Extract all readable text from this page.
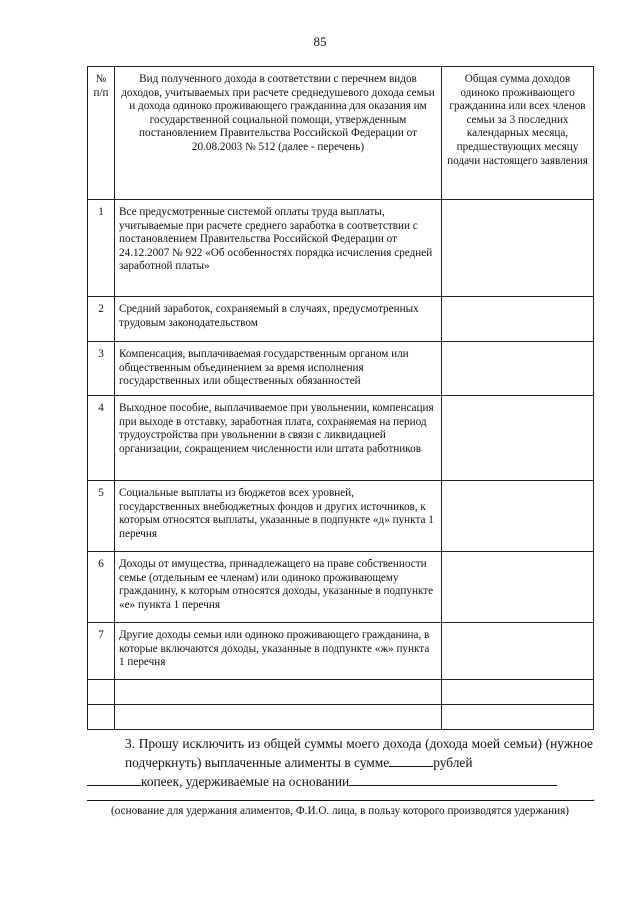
85
№
п/п	Вид полученного дохода в соответствии с перечнем видов доходов, учитываемых при расчете среднедушевого дохода семьи и дохода одиноко проживающего гражданина для оказания им государственной социальной помощи, утвержденным постановлением Правительства Российской Федерации от 20.08.2003 № 512 (далее - перечень)	Общая сумма доходов одиноко проживающего гражданина или всех членов семьи за 3 последних календарных месяца, предшествующих месяцу подачи настоящего заявления
1	Все предусмотренные системой оплаты труда выплаты, учитываемые при расчете среднего заработка в соответствии с постановлением Правительства Российской Федерации от 24.12.2007 № 922 «Об особенностях порядка исчисления средней заработной платы»	
2	Средний заработок, сохраняемый в случаях, предусмотренных трудовым законодательством	
3	Компенсация, выплачиваемая государственным органом или общественным объединением за время исполнения государственных или общественных обязанностей	
4	Выходное пособие, выплачиваемое при увольнении, компенсация при выходе в отставку, заработная плата, сохраняемая на период трудоустройства при увольнении в связи с ликвидацией организации, сокращением численности или штата работников	
5	Социальные выплаты из бюджетов всех уровней, государственных внебюджетных фондов и других источников, к которым относятся выплаты, указанные в подпункте «д» пункта 1 перечня	
6	Доходы от имущества, принадлежащего на праве собственности семье (отдельным ее членам) или одиноко проживающему гражданину, к которым относятся доходы, указанные в подпункте «е» пункта 1 перечня	
7	Другие доходы семьи или одиноко проживающего гражданина, в которые включаются доходы, указанные в подпункте «ж» пункта 1 перечня	

3. Прошу исключить из общей суммы моего дохода (дохода моей семьи) (нужное подчеркнуть) выплаченные алименты в сумме	рублей
копеек, удерживаемые на основании
.
(основание для удержания алиментов, Ф.И.О. лица, в пользу которого производятся удержания)
